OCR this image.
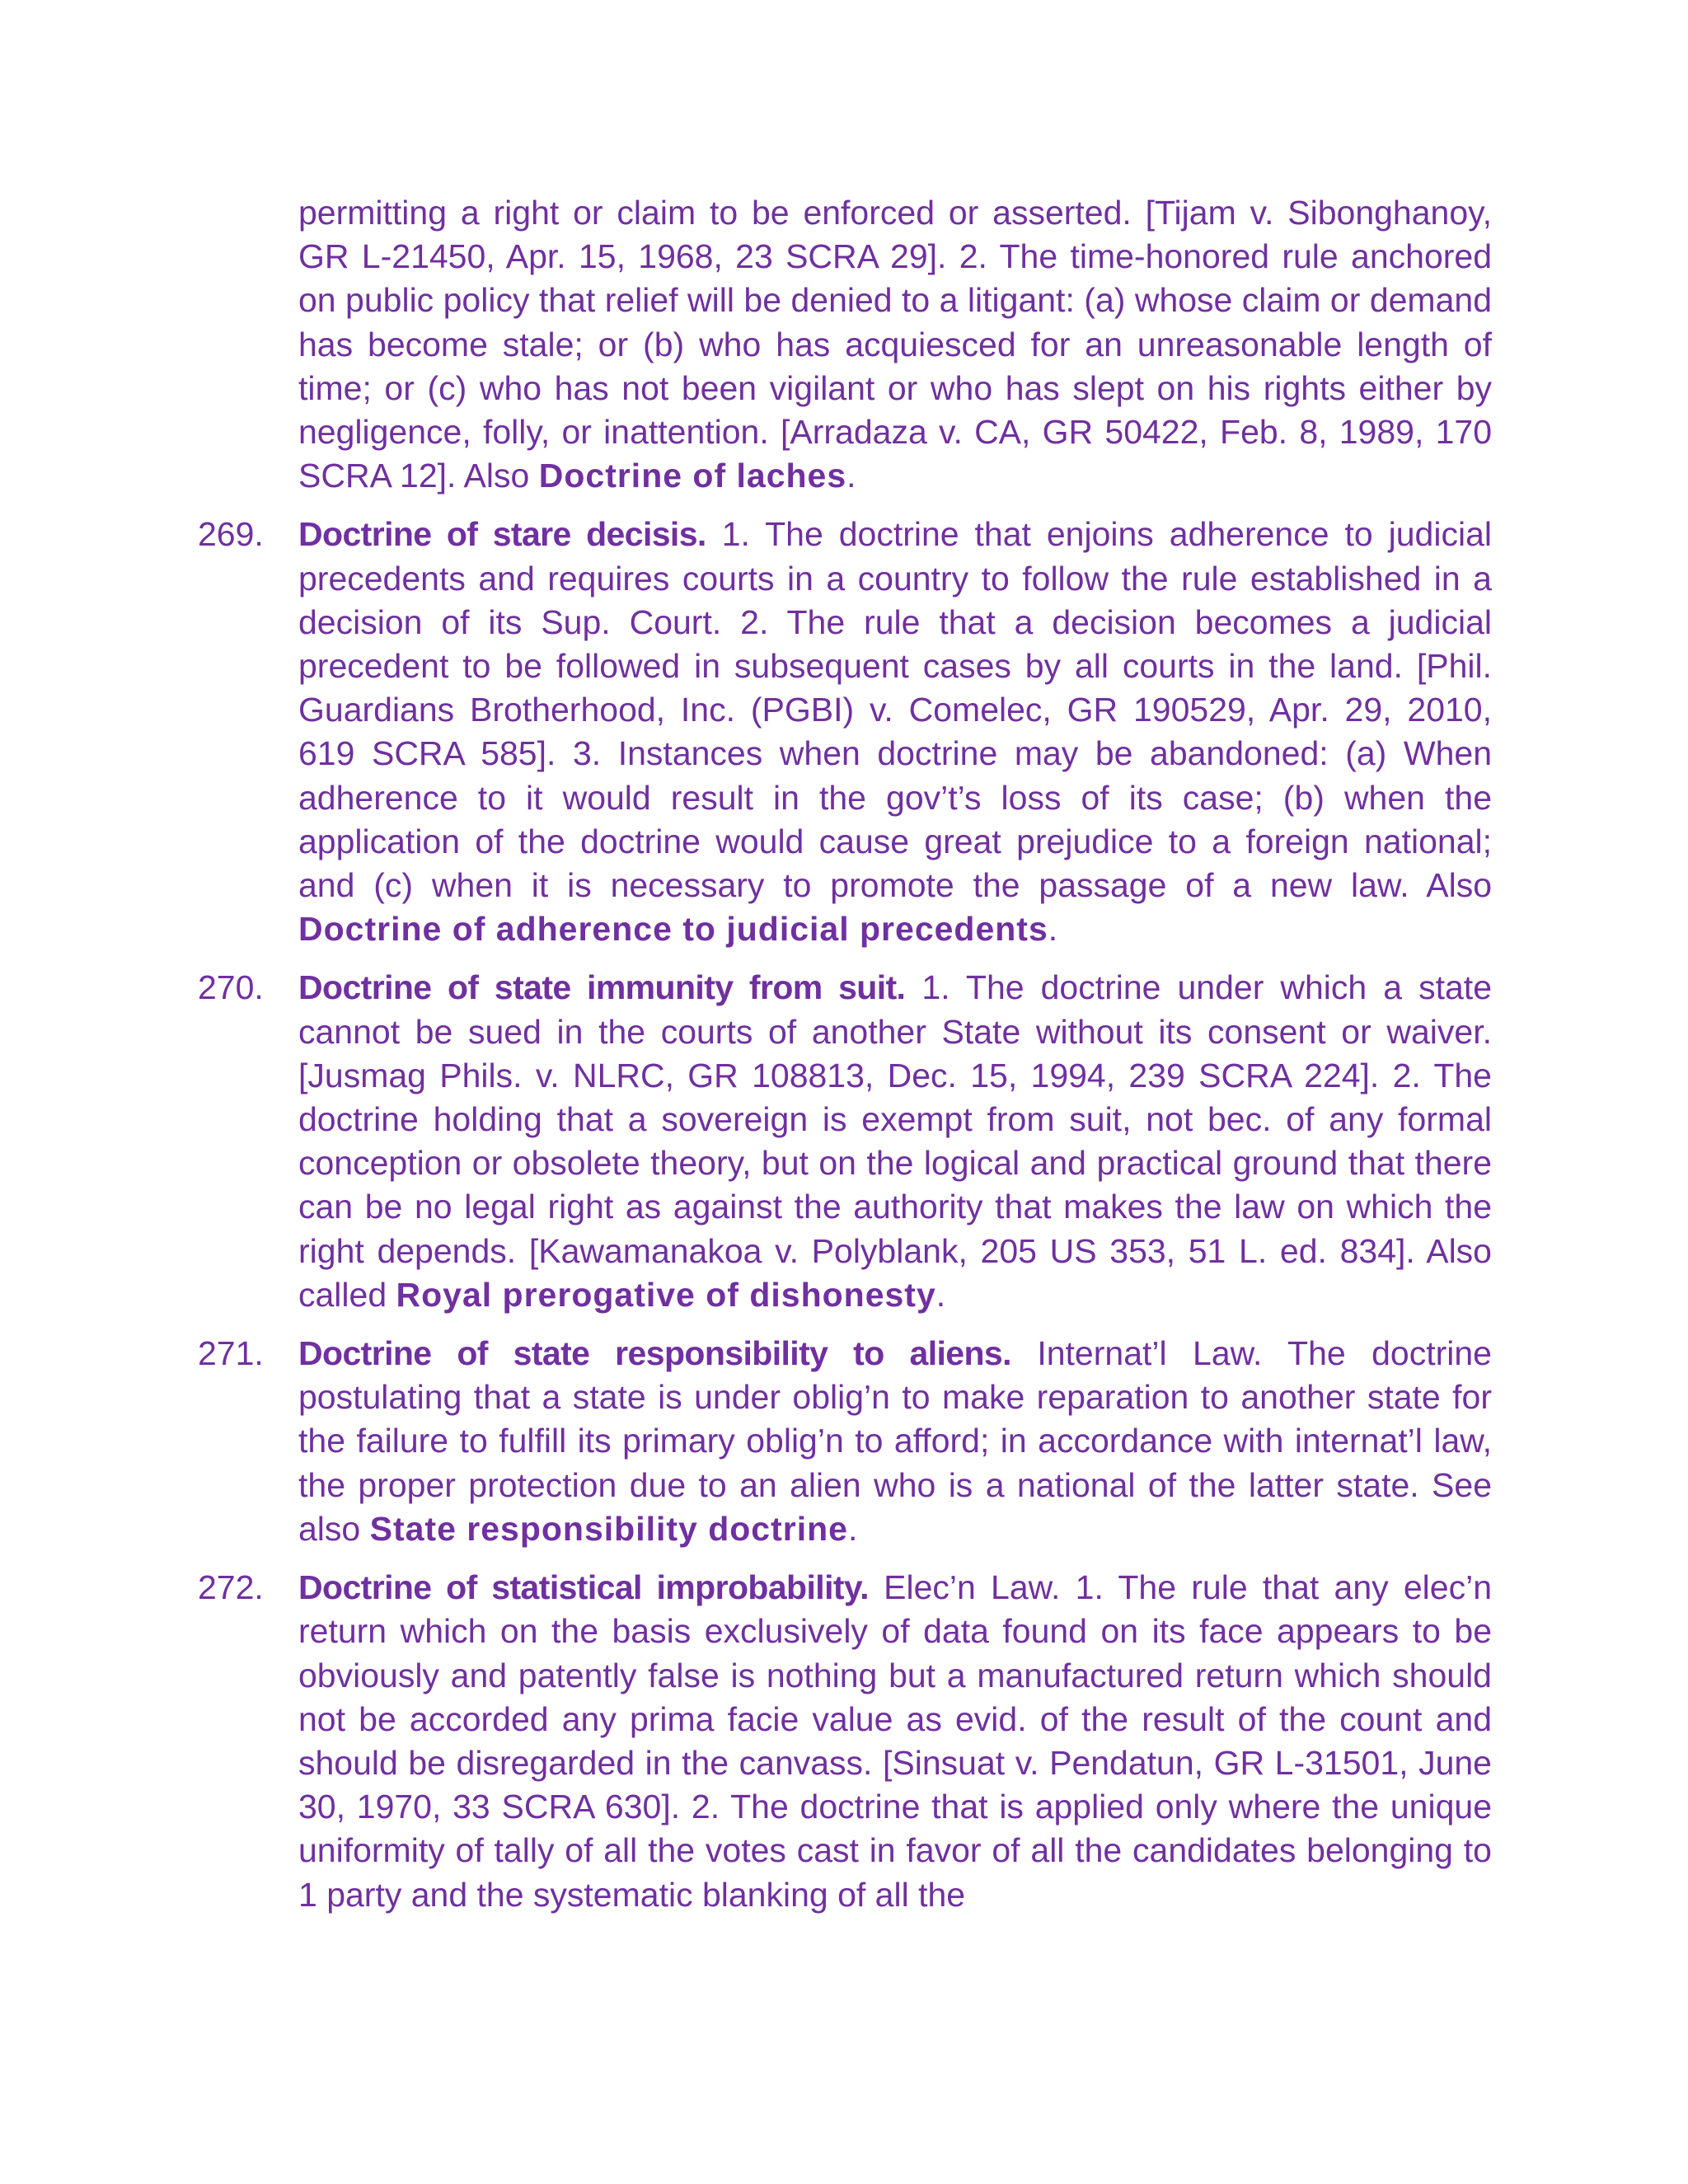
permitting a right or claim to be enforced or asserted. [Tijam v. Sibonghanoy, GR L-21450, Apr. 15, 1968, 23 SCRA 29]. 2. The time-honored rule anchored on public policy that relief will be denied to a litigant: (a) whose claim or demand has become stale; or (b) who has acquiesced for an unreasonable length of time; or (c) who has not been vigilant or who has slept on his rights either by negligence, folly, or inattention. [Arradaza v. CA, GR 50422, Feb. 8, 1989, 170 SCRA 12]. Also Doctrine of laches.
269.	Doctrine of stare decisis. 1. The doctrine that enjoins adherence to judicial precedents and requires courts in a country to follow the rule established in a decision of its Sup. Court. 2. The rule that a decision becomes a judicial precedent to be followed in subsequent cases by all courts in the land. [Phil. Guardians Brotherhood, Inc. (PGBI) v. Comelec, GR 190529, Apr. 29, 2010, 619 SCRA 585]. 3. Instances when doctrine may be abandoned: (a) When adherence to it would result in the gov’t’s loss of its case; (b) when the application of the doctrine would cause great prejudice to a foreign national; and (c) when it is necessary to promote the passage of a new law. Also Doctrine of adherence to judicial precedents.
270.	Doctrine of state immunity from suit. 1. The doctrine under which a state cannot be sued in the courts of another State without its consent or waiver. [Jusmag Phils. v. NLRC, GR 108813, Dec. 15, 1994, 239 SCRA 224]. 2. The doctrine holding that a sovereign is exempt from suit, not bec. of any formal conception or obsolete theory, but on the logical and practical ground that there can be no legal right as against the authority that makes the law on which the right depends. [Kawamanakoa v. Polyblank, 205 US 353, 51 L. ed. 834]. Also called Royal prerogative of dishonesty.
271.	Doctrine of state responsibility to aliens. Internat’l Law. The doctrine postulating that a state is under oblig’n to make reparation to another state for the failure to fulfill its primary oblig’n to afford; in accordance with internat’l law, the proper protection due to an alien who is a national of the latter state. See also State responsibility doctrine.
272.	Doctrine of statistical improbability. Elec’n Law. 1. The rule that any elec’n return which on the basis exclusively of data found on its face appears to be obviously and patently false is nothing but a manufactured return which should not be accorded any prima facie value as evid. of the result of the count and should be disregarded in the canvass. [Sinsuat v. Pendatun, GR L-31501, June 30, 1970, 33 SCRA 630]. 2. The doctrine that is applied only where the unique uniformity of tally of all the votes cast in favor of all the candidates belonging to 1 party and the systematic blanking of all the
